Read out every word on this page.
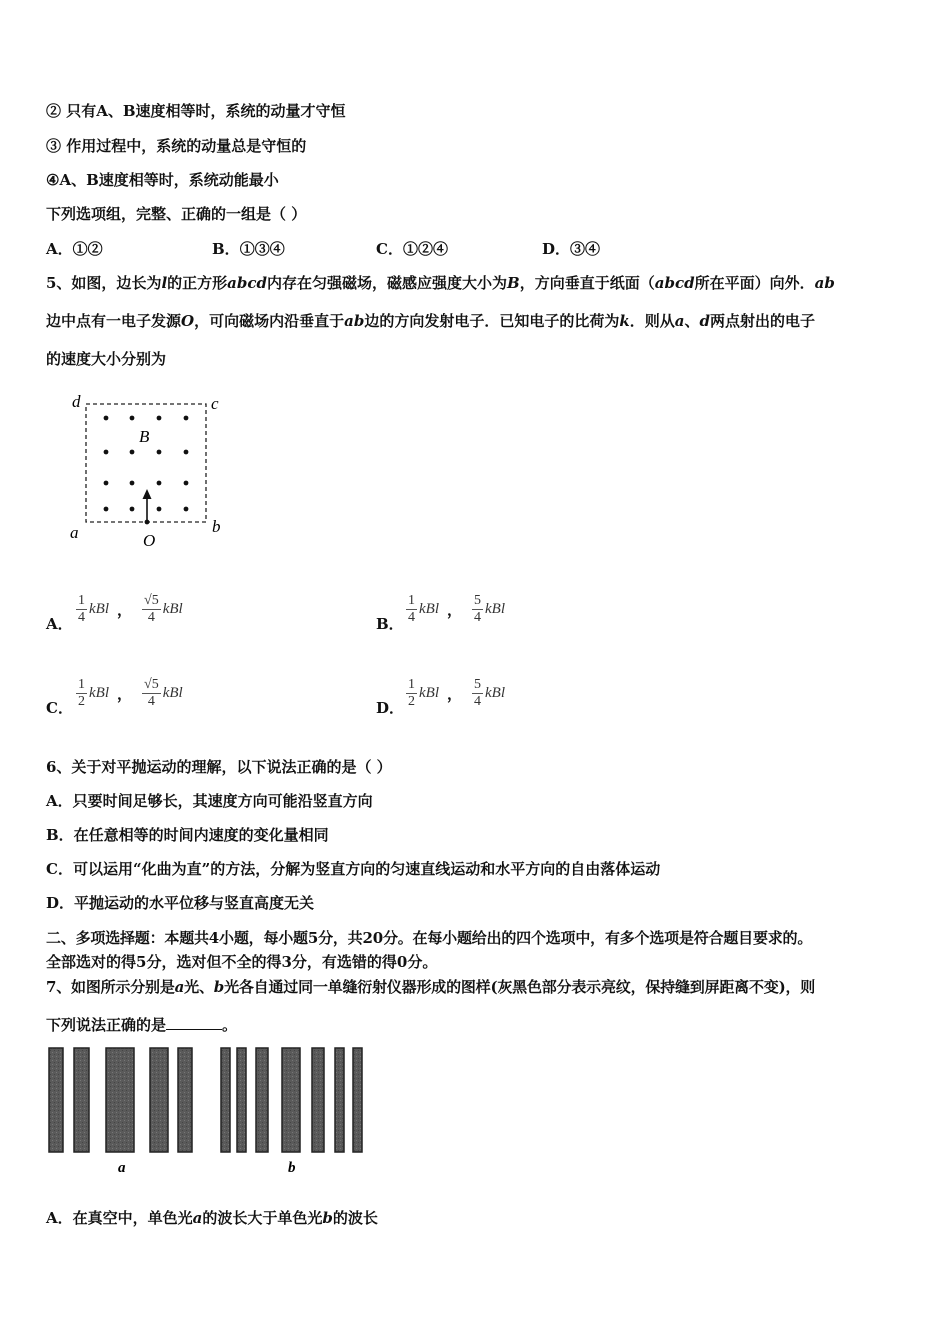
② 只有A、B速度相等时，系统的动量才守恒
③ 作用过程中，系统的动量总是守恒的
④A、B速度相等时，系统动能最小
下列选项组，完整、正确的一组是（ ）
A．①②	B．①③④	C．①②④	D．③④
5、如图，边长为l的正方形abcd内存在匀强磁场，磁感应强度大小为B，方向垂直于纸面（abcd所在平面）向外．ab
边中点有一电子发源O，可向磁场内沿垂直于ab边的方向发射电子．已知电子的比荷为k．则从a、d两点射出的电子
的速度大小分别为
d	c
a	b
B
O
A．
1
4
kBl ，
√5
4
kBl
B．
1
4
kBl ，
5
4
kBl
C．
1
2
kBl ，
√5
4
kBl
D．
1
2
kBl ，
5
4
kBl
6、关于对平抛运动的理解，以下说法正确的是（ ）
A．只要时间足够长，其速度方向可能沿竖直方向
B．在任意相等的时间内速度的变化量相同
C．可以运用“化曲为直”的方法，分解为竖直方向的匀速直线运动和水平方向的自由落体运动
D．平抛运动的水平位移与竖直高度无关
二、多项选择题：本题共4小题，每小题5分，共20分。在每小题给出的四个选项中，有多个选项是符合题目要求的。
全部选对的得5分，选对但不全的得3分，有选错的得0分。
7、如图所示分别是a光、b光各自通过同一单缝衍射仪器形成的图样(灰黑色部分表示亮纹，保持缝到屏距离不变)，则
下列说法正确的是	。
a	b
A．在真空中，单色光a的波长大于单色光b的波长
